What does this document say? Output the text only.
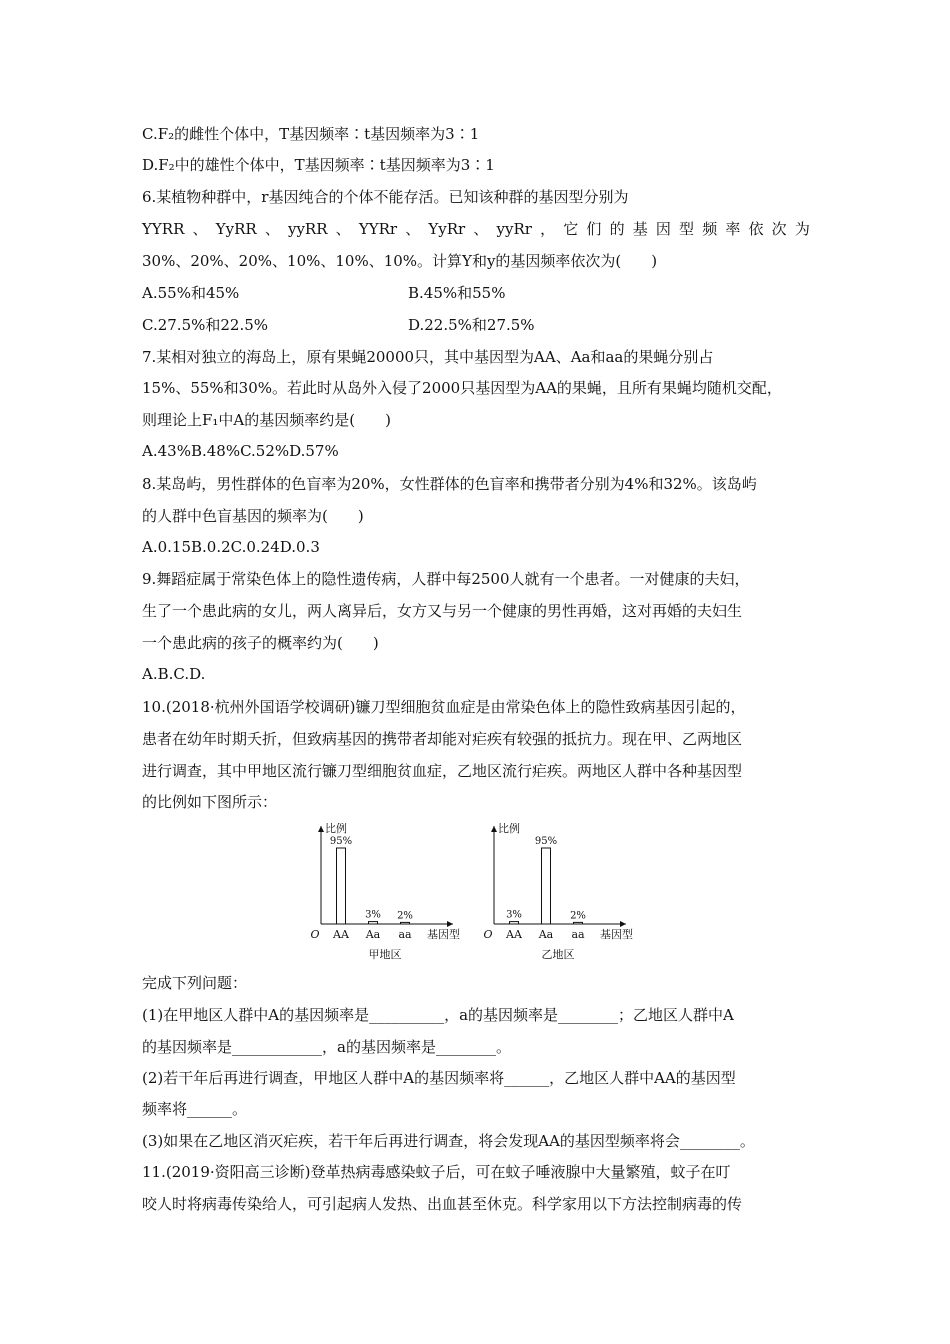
C.F₂的雌性个体中，T基因频率∶t基因频率为3∶1
D.F₂中的雄性个体中，T基因频率∶t基因频率为3∶1
6.某植物种群中，r基因纯合的个体不能存活。已知该种群的基因型分别为
YYRR 、 YyRR 、 yyRR 、 YYRr 、 YyRr 、 yyRr ， 它 们 的 基 因 型 频 率 依 次 为
30%、20%、20%、10%、10%、10%。计算Y和y的基因频率依次为(　　)
A.55%和45%	B.45%和55%
C.27.5%和22.5%	D.22.5%和27.5%
7.某相对独立的海岛上，原有果蝇20000只，其中基因型为AA、Aa和aa的果蝇分别占
15%、55%和30%。若此时从岛外入侵了2000只基因型为AA的果蝇，且所有果蝇均随机交配，
则理论上F₁中A的基因频率约是(　　)
A.43%B.48%C.52%D.57%
8.某岛屿，男性群体的色盲率为20%，女性群体的色盲率和携带者分别为4%和32%。该岛屿
的人群中色盲基因的频率为(　　)
A.0.15B.0.2C.0.24D.0.3
9.舞蹈症属于常染色体上的隐性遗传病，人群中每2500人就有一个患者。一对健康的夫妇，
生了一个患此病的女儿，两人离异后，女方又与另一个健康的男性再婚，这对再婚的夫妇生
一个患此病的孩子的概率约为(　　)
A.B.C.D.
10.(2018·杭州外国语学校调研)镰刀型细胞贫血症是由常染色体上的隐性致病基因引起的，
患者在幼年时期夭折，但致病基因的携带者却能对疟疾有较强的抵抗力。现在甲、乙两地区
进行调查，其中甲地区流行镰刀型细胞贫血症，乙地区流行疟疾。两地区人群中各种基因型
的比例如下图所示：
比例
O	基因型
甲地区
95%
AA
3%
Aa
2%
aa
比例
O	基因型
乙地区
3%
AA
95%
Aa
2%
aa
完成下列问题：
(1)在甲地区人群中A的基因频率是__________，a的基因频率是________；乙地区人群中A
的基因频率是____________，a的基因频率是________。
(2)若干年后再进行调查，甲地区人群中A的基因频率将______，乙地区人群中AA的基因型
频率将______。
(3)如果在乙地区消灭疟疾，若干年后再进行调查，将会发现AA的基因型频率将会________。
11.(2019·资阳高三诊断)登革热病毒感染蚊子后，可在蚊子唾液腺中大量繁殖，蚊子在叮
咬人时将病毒传染给人，可引起病人发热、出血甚至休克。科学家用以下方法控制病毒的传
